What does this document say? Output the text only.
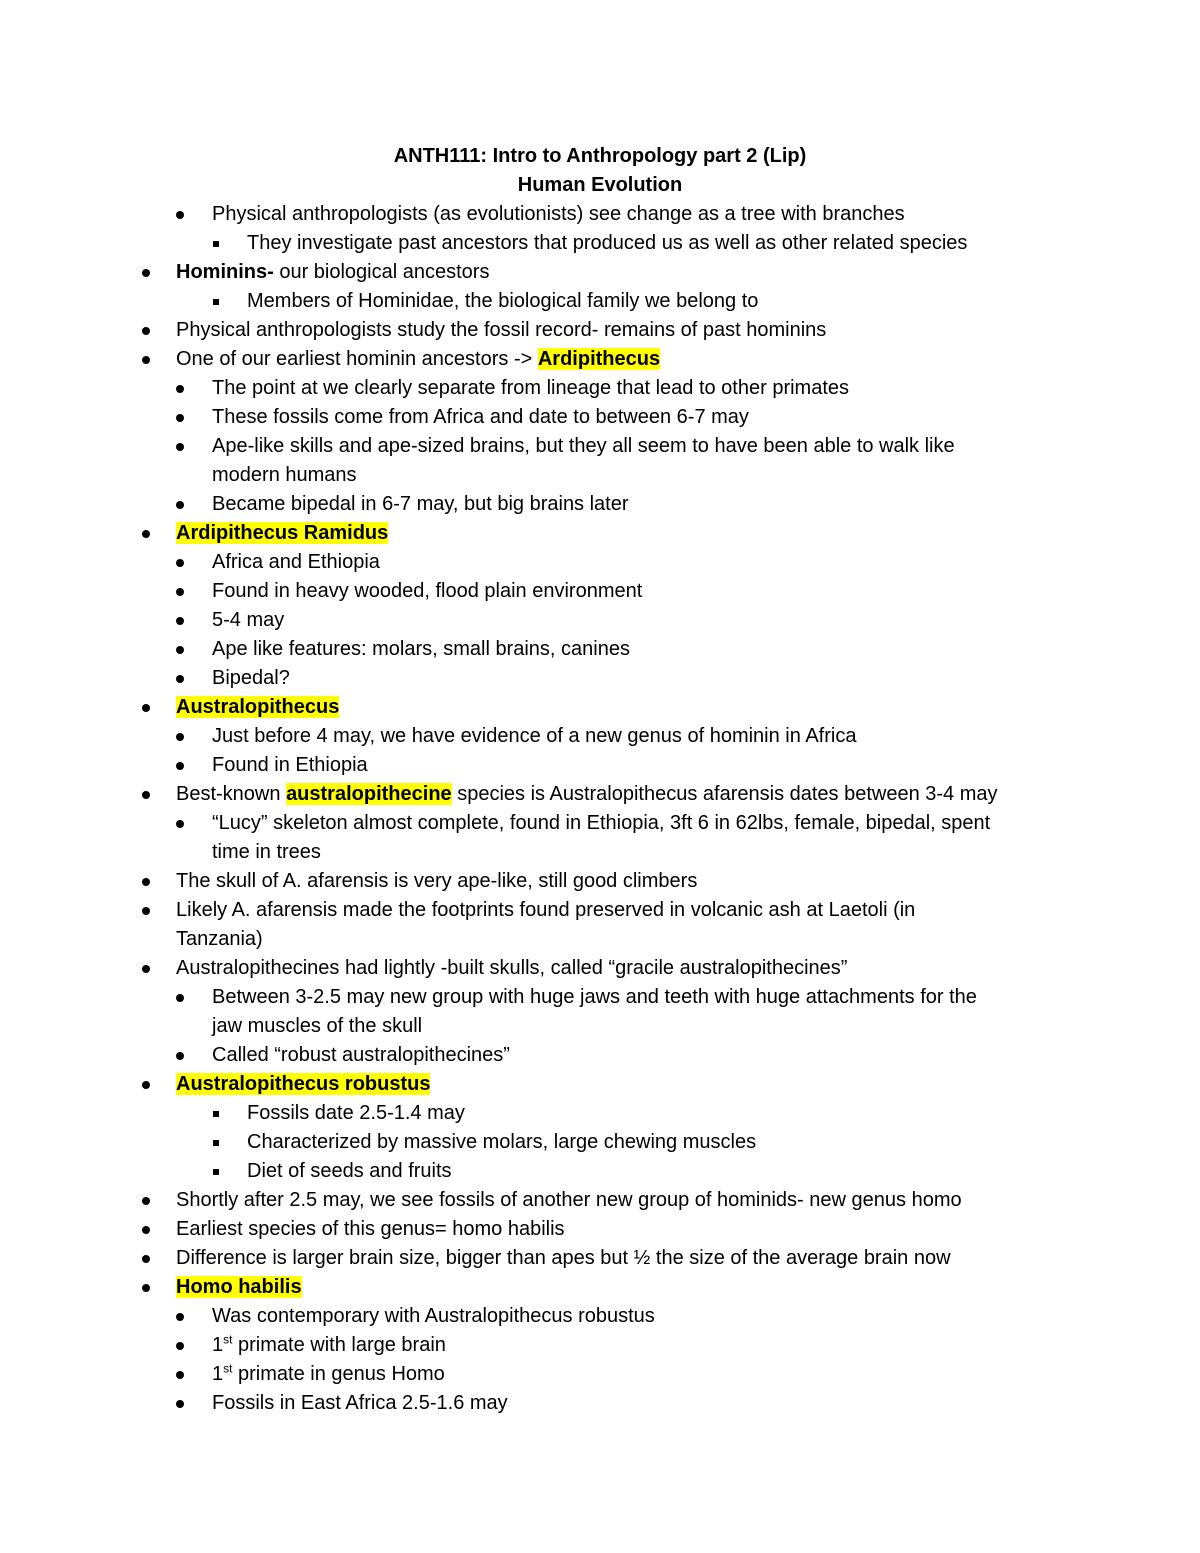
ANTH111: Intro to Anthropology part 2 (Lip)
Human Evolution
Physical anthropologists (as evolutionists) see change as a tree with branches
They investigate past ancestors that produced us as well as other related species
Hominins- our biological ancestors
Members of Hominidae, the biological family we belong to
Physical anthropologists study the fossil record- remains of past hominins
One of our earliest hominin ancestors -> Ardipithecus
The point at we clearly separate from lineage that lead to other primates
These fossils come from Africa and date to between 6-7 may
Ape-like skills and ape-sized brains, but they all seem to have been able to walk like
modern humans
Became bipedal in 6-7 may, but big brains later
Ardipithecus Ramidus
Africa and Ethiopia
Found in heavy wooded, flood plain environment
5-4 may
Ape like features: molars, small brains, canines
Bipedal?
Australopithecus
Just before 4 may, we have evidence of a new genus of hominin in Africa
Found in Ethiopia
Best-known australopithecine species is Australopithecus afarensis dates between 3-4 may
“Lucy” skeleton almost complete, found in Ethiopia, 3ft 6 in 62lbs, female, bipedal, spent
time in trees
The skull of A. afarensis is very ape-like, still good climbers
Likely A. afarensis made the footprints found preserved in volcanic ash at Laetoli (in
Tanzania)
Australopithecines had lightly -built skulls, called “gracile australopithecines”
Between 3-2.5 may new group with huge jaws and teeth with huge attachments for the
jaw muscles of the skull
Called “robust australopithecines”
Australopithecus robustus
Fossils date 2.5-1.4 may
Characterized by massive molars, large chewing muscles
Diet of seeds and fruits
Shortly after 2.5 may, we see fossils of another new group of hominids- new genus homo
Earliest species of this genus= homo habilis
Difference is larger brain size, bigger than apes but ½ the size of the average brain now
Homo habilis
Was contemporary with Australopithecus robustus
1st primate with large brain
1st primate in genus Homo
Fossils in East Africa 2.5-1.6 may
